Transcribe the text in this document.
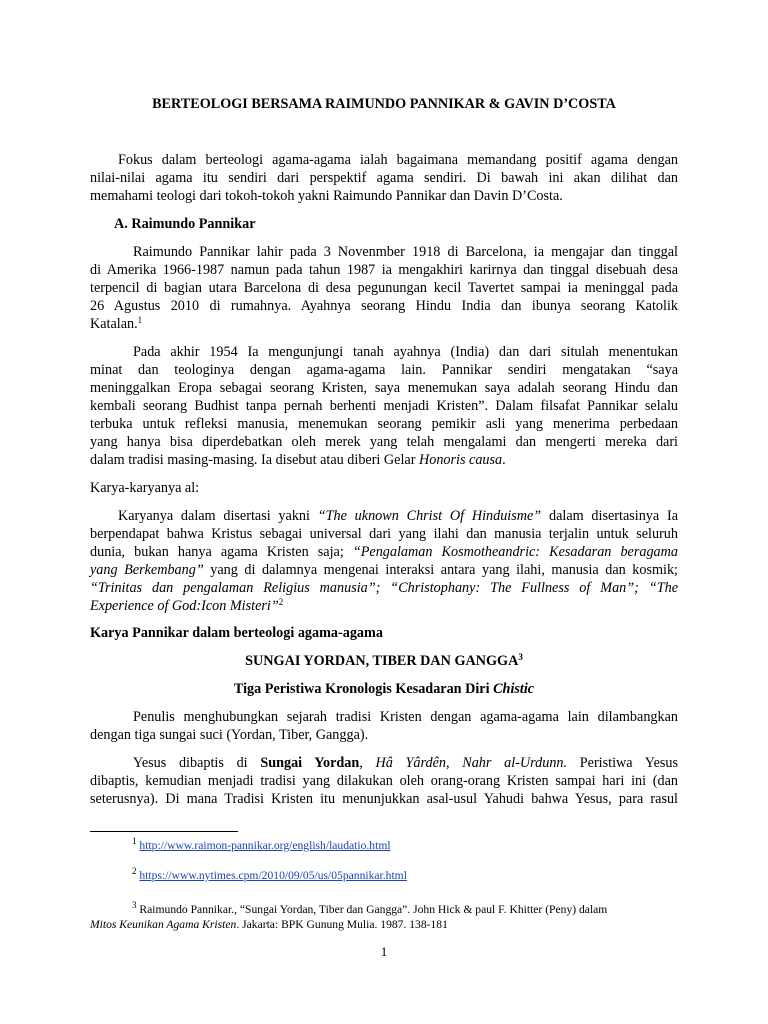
BERTEOLOGI BERSAMA RAIMUNDO PANNIKAR & GAVIN D’COSTA
Fokus dalam berteologi agama-agama ialah bagaimana memandang positif agama dengan
nilai-nilai agama itu sendiri dari perspektif agama sendiri. Di bawah ini akan dilihat dan
memahami teologi dari tokoh-tokoh yakni Raimundo Pannikar dan Davin D’Costa.
A. Raimundo Pannikar
Raimundo Pannikar lahir pada 3 Novenmber 1918 di Barcelona, ia mengajar dan tinggal
di Amerika 1966-1987 namun pada tahun 1987 ia mengakhiri karirnya dan tinggal disebuah desa
terpencil di bagian utara Barcelona di desa pegunungan kecil Tavertet sampai ia meninggal pada
26 Agustus 2010 di rumahnya. Ayahnya seorang Hindu India dan ibunya seorang Katolik
Katalan.$^1$
Pada akhir 1954 Ia mengunjungi tanah ayahnya (India) dan dari situlah menentukan
minat dan teologinya dengan agama-agama lain. Pannikar sendiri mengatakan “saya
meninggalkan Eropa sebagai seorang Kristen, saya menemukan saya adalah seorang Hindu dan
kembali seorang Budhist tanpa pernah berhenti menjadi Kristen”. Dalam filsafat Pannikar selalu
terbuka untuk refleksi manusia, menemukan seorang pemikir asli yang menerima perbedaan
yang hanya bisa diperdebatkan oleh merek yang telah mengalami dan mengerti mereka dari
dalam tradisi masing-masing. Ia disebut atau diberi Gelar Honoris causa.
Karya-karyanya al:
Karyanya dalam disertasi yakni “The uknown Christ Of Hinduisme” dalam disertasinya Ia
berpendapat bahwa Kristus sebagai universal dari yang ilahi dan manusia terjalin untuk seluruh
dunia, bukan hanya agama Kristen saja; “Pengalaman Kosmotheandric: Kesadaran beragama
yang Berkembang” yang di dalamnya mengenai interaksi antara yang ilahi, manusia dan kosmik;
“Trinitas dan pengalaman Religius manusia”; “Christophany: The Fullness of Man”; “The
Experience of God:Icon Misteri”$^2$
Karya Pannikar dalam berteologi agama-agama
SUNGAI YORDAN, TIBER DAN GANGGA$^3$
Tiga Peristiwa Kronologis Kesadaran Diri Chistic
Penulis menghubungkan sejarah tradisi Kristen dengan agama-agama lain dilambangkan
dengan tiga sungai suci (Yordan, Tiber, Gangga).
Yesus dibaptis di Sungai Yordan, Hâ Yârdên, Nahr al-Urdunn. Peristiwa Yesus
dibaptis, kemudian menjadi tradisi yang dilakukan oleh orang-orang Kristen sampai hari ini (dan
seterusnya). Di mana Tradisi Kristen itu menunjukkan asal-usul Yahudi bahwa Yesus, para rasul
$^1$ http://www.raimon-pannikar.org/english/laudatio.html
$^2$ https://www.nytimes.cpm/2010/09/05/us/05pannikar.html
$^3$ Raimundo Pannikar., “Sungai Yordan, Tiber dan Gangga”. John Hick & paul F. Khitter (Peny) dalam
Mitos Keunikan Agama Kristen. Jakarta: BPK Gunung Mulia. 1987. 138-181
1
